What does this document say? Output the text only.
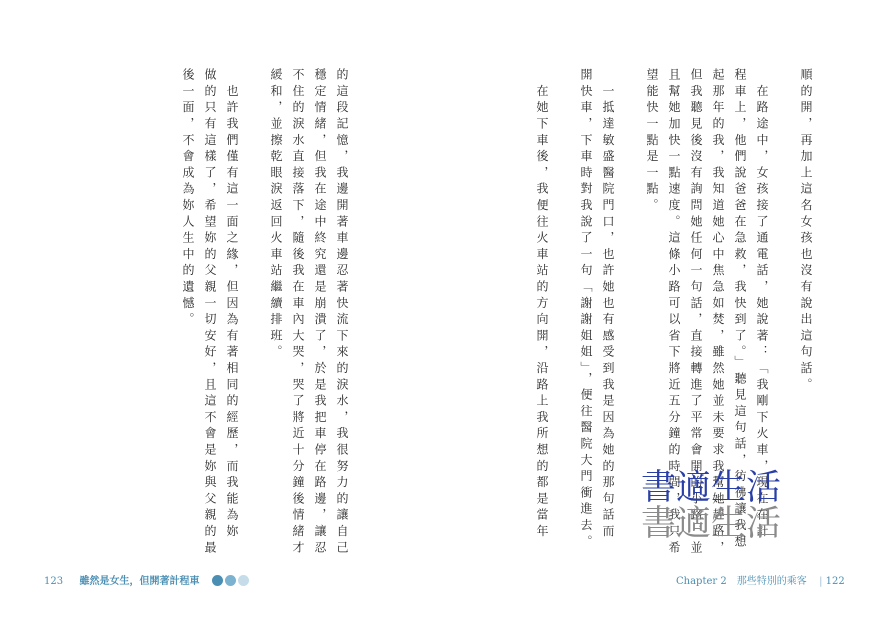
順的開，再加上這名女孩也沒有說出這句話。
　在路途中，女孩接了通電話，她說著：「我剛下火車，現在在計
程車上，他們說爸爸在急救，我快到了。」聽見這句話，彷彿讓我想
起那年的我，我知道她心中焦急如焚，雖然她並未要求我幫她趕路，
但我聽見後沒有詢問她任何一句話，直接轉進了平常會開的小路，並
且幫她加快一點速度。這條小路可以省下將近五分鐘的時間，我只希
望能快一點是一點。
　一抵達敏盛醫院門口，也許她也有感受到我是因為她的那句話而
開快車，下車時對我說了一句「謝謝姐姐」，便往醫院大門衝進去。
　在她下車後，我便往火車站的方向開，沿路上我所想的都是當年
的這段記憶，我邊開著車邊忍著快流下來的淚水，我很努力的讓自己
穩定情緒，但我在途中終究還是崩潰了，於是我把車停在路邊，讓忍
不住的淚水直接落下，隨後我在車內大哭，哭了將近十分鐘後情緒才
緩和，並擦乾眼淚返回火車站繼續排班。
　也許我們僅有這一面之緣，但因為有著相同的經歷，而我能為妳
做的只有這樣了，希望妳的父親一切安好，且這不會是妳與父親的最
後一面，不會成為妳人生中的遺憾。
書適生活
書適生活
123 雖然是女生，但開著計程車	Chapter 2　那些特別的乘客 | 122
